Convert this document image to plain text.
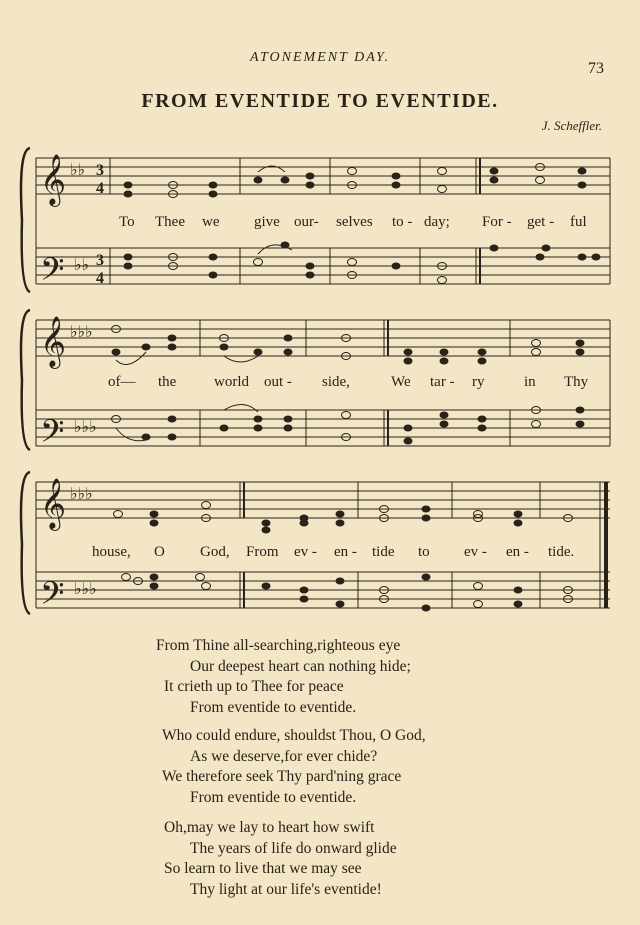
ATONEMENT DAY.
73
FROM EVENTIDE TO EVENTIDE.
J. Scheffler.
𝄞
𝄢
♭♭
♭♭
3
4
3
4
𝄞
𝄢
♭♭♭
♭♭♭
𝄞
𝄢
♭♭♭
♭♭♭
To Thee we give our- selves to - day; For - get - ful
of— the	world out - side,	We tar - ry	in Thy
house, O God, From ev - en - tide to ev - en - tide.
From Thine all-searching,righteous eye
Our deepest heart can nothing hide;
It crieth up to Thee for peace
From eventide to eventide.
Who could endure, shouldst Thou, O God,
As we deserve,for ever chide?
We therefore seek Thy pard'ning grace
From eventide to eventide.
Oh,may we lay to heart how swift
The years of life do onward glide
So learn to live that we may see
Thy light at our life's eventide!
